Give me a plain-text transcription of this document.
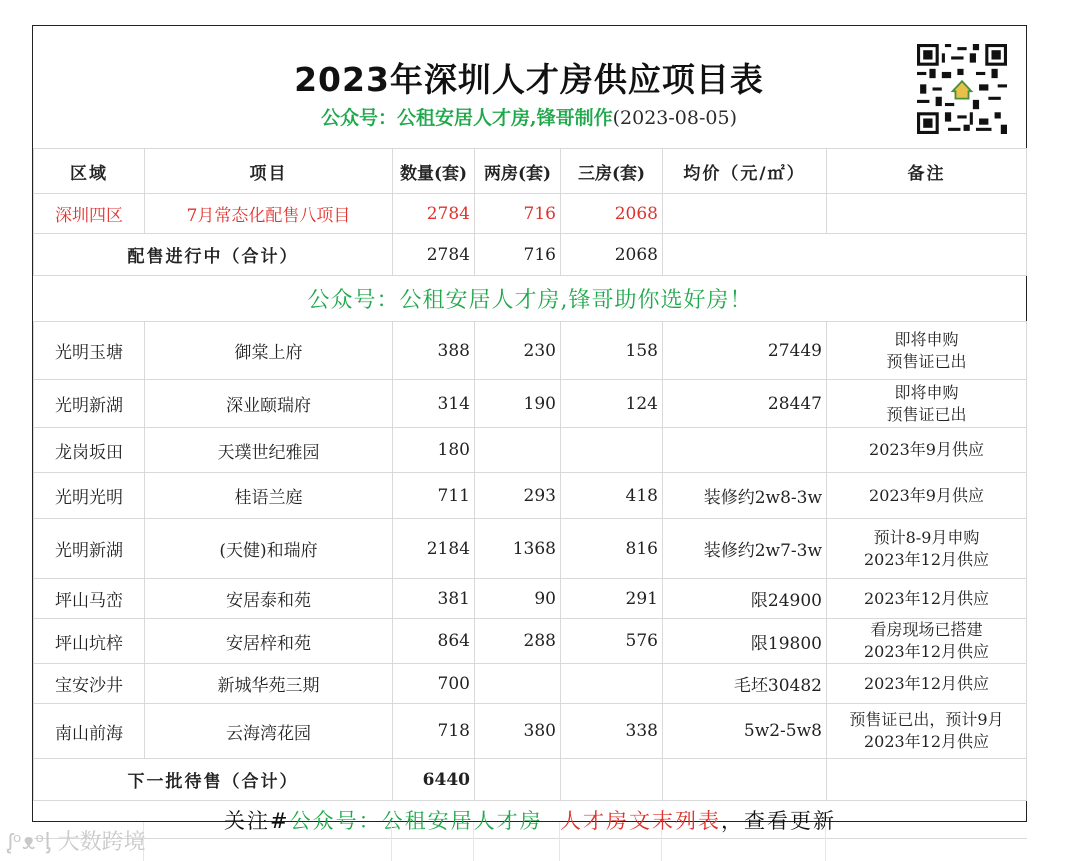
2023年深圳人才房供应项目表
公众号：公租安居人才房,锋哥制作(2023-08-05)
区域	项目	数量(套)	两房(套)	三房(套)	均价（元/㎡）	备注
深圳四区	7月常态化配售八项目	2784	716	2068		
配售进行中（合计）		2784	716	2068		
公众号：公租安居人才房,锋哥助你选好房！						
光明玉塘	御棠上府	388	230	158	27449	即将申购
预售证已出

光明新湖	深业颐瑞府	314	190	124	28447	即将申购
预售证已出

龙岗坂田	天璞世纪雅园	180				2023年9月供应

光明光明	桂语兰庭	711	293	418	装修约2w8-3w	2023年9月供应

光明新湖	(天健)和瑞府	2184	1368	816	装修约2w7-3w	预计8-9月申购
2023年12月供应

坪山马峦	安居泰和苑	381	90	291	限24900	2023年12月供应

坪山坑梓	安居梓和苑	864	288	576	限19800	看房现场已搭建
2023年12月供应

宝安沙井	新城华苑三期	700			毛坯30482	2023年12月供应

南山前海	云海湾花园	718	380	338	5w2-5w8	预售证已出，预计9月
2023年12月供应

下一批待售（合计）		6440				
关注#公众号：公租安居人才房 人才房文末列表，查看更新						
ᶘᵒᴥᵒᶅ 大数跨境
